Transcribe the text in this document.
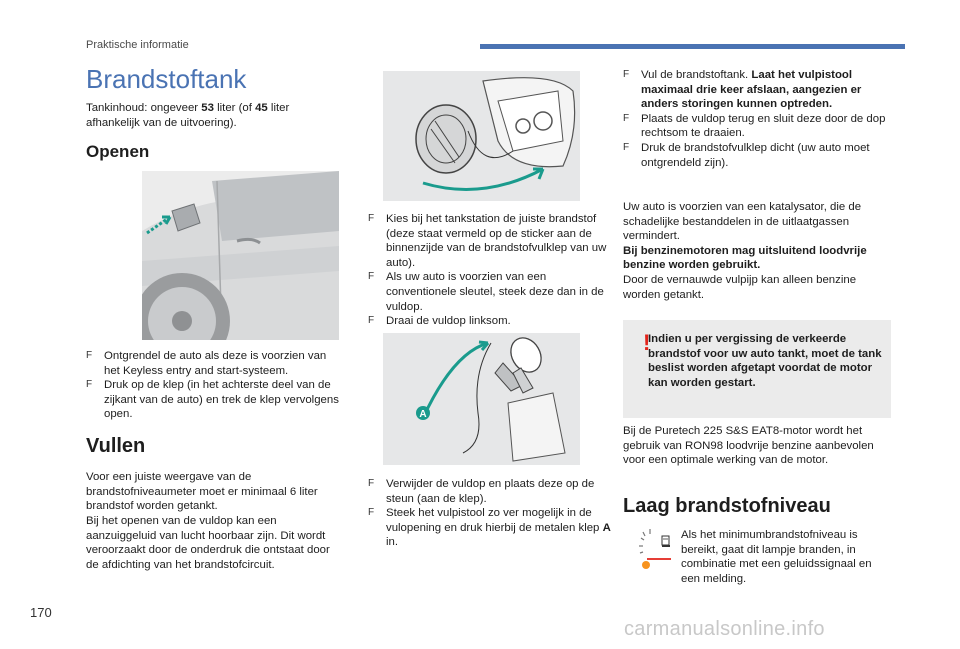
Praktische informatie
Brandstoftank

Tankinhoud: ongeveer 53 liter (of 45 liter afhankelijk van de uitvoering).

Openen
F Ontgrendel de auto als deze is voorzien van het Keyless entry and start-systeem.
F Druk op de klep (in het achterste deel van de zijkant van de auto) en trek de klep vervolgens open.
Vullen

Voor een juiste weergave van de brandstofniveaumeter moet er minimaal 6 liter brandstof worden getankt.

Bij het openen van de vuldop kan een aanzuiggeluid van lucht hoorbaar zijn. Dit wordt veroorzaakt door de onderdruk die ontstaat door de afdichting van het brandstofcircuit.

F Kies bij het tankstation de juiste brandstof (deze staat vermeld op de sticker aan de binnenzijde van de brandstofvulklep van uw auto).
F Als uw auto is voorzien van een conventionele sleutel, steek deze dan in de vuldop.
F Draai de vuldop linksom.
A
F Verwijder de vuldop en plaats deze op de steun (aan de klep).
F Steek het vulpistool zo ver mogelijk in de vulopening en druk hierbij de metalen klep A in.
F Vul de brandstoftank. Laat het vulpistool maximaal drie keer afslaan, aangezien er anders storingen kunnen optreden.
F Plaats de vuldop terug en sluit deze door de dop rechtsom te draaien.
F Druk de brandstofvulklep dicht (uw auto moet ontgrendeld zijn).

Uw auto is voorzien van een katalysator, die de schadelijke bestanddelen in de uitlaatgassen vermindert.
Bij benzinemotoren mag uitsluitend loodvrije benzine worden gebruikt.
Door de vernauwde vulpijp kan alleen benzine worden getankt.

!
Indien u per vergissing de verkeerde brandstof voor uw auto tankt, moet de tank beslist worden afgetapt voordat de motor kan worden gestart.

Bij de Puretech 225 S&S EAT8-motor wordt het gebruik van RON98 loodvrije benzine aanbevolen voor een optimale werking van de motor.

Laag brandstofniveau

Als het minimumbrandstofniveau is bereikt, gaat dit lampje branden, in combinatie met een geluidssignaal en een melding.

170
carmanualsonline.info
